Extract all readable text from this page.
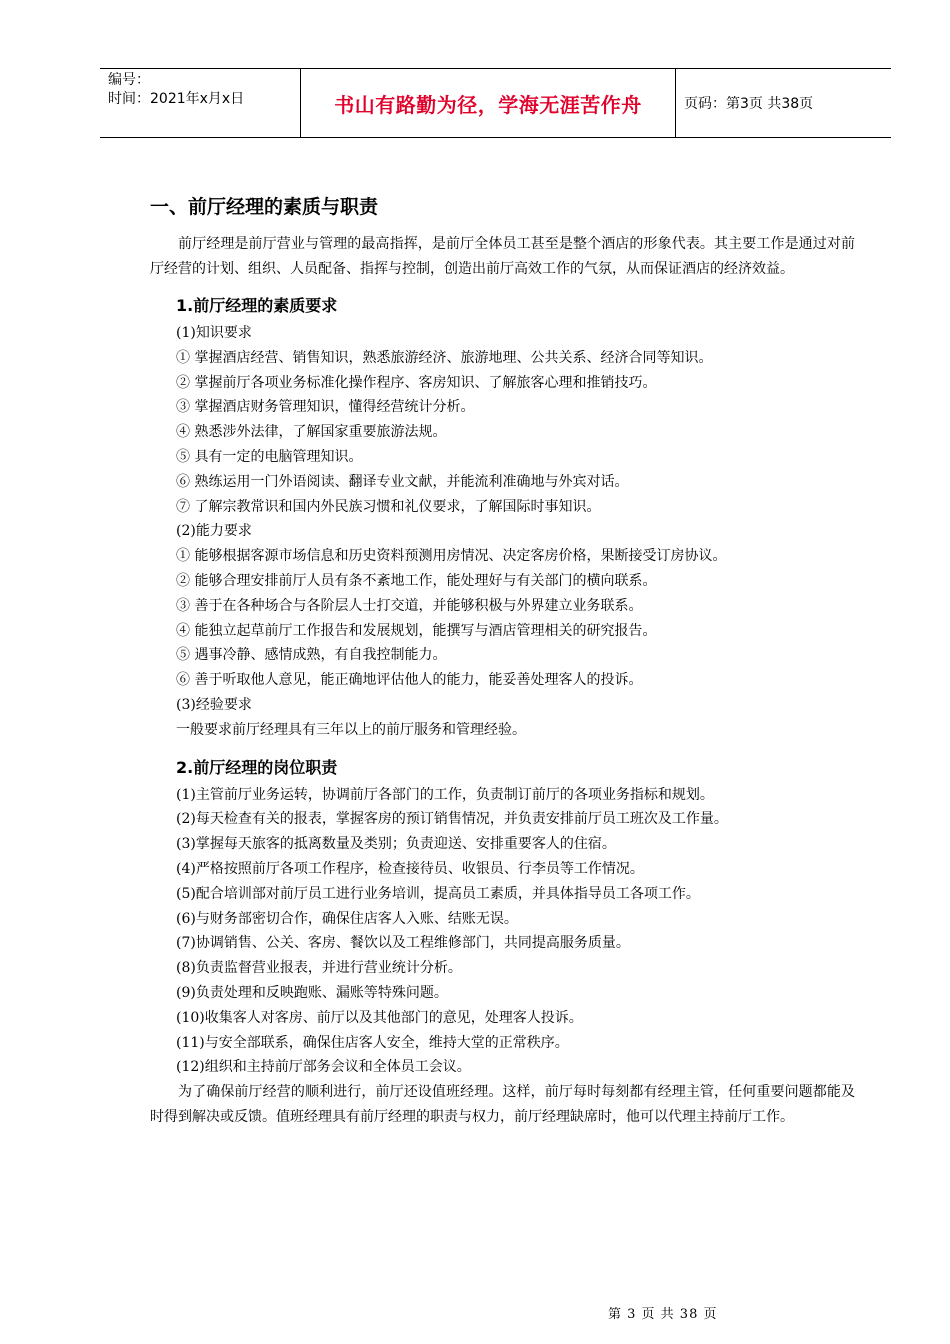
编号：
时间：2021年x月x日	书山有路勤为径，学海无涯苦作舟	页码：第3页 共38页
一、前厅经理的素质与职责

前厅经理是前厅营业与管理的最高指挥，是前厅全体员工甚至是整个酒店的形象代表。其主要工作是通过对前厅经营的计划、组织、人员配备、指挥与控制，创造出前厅高效工作的气氛，从而保证酒店的经济效益。

1.前厅经理的素质要求
(1)知识要求
① 掌握酒店经营、销售知识，熟悉旅游经济、旅游地理、公共关系、经济合同等知识。
② 掌握前厅各项业务标准化操作程序、客房知识、了解旅客心理和推销技巧。
③ 掌握酒店财务管理知识，懂得经营统计分析。
④ 熟悉涉外法律，了解国家重要旅游法规。
⑤ 具有一定的电脑管理知识。
⑥ 熟练运用一门外语阅读、翻译专业文献，并能流利准确地与外宾对话。
⑦ 了解宗教常识和国内外民族习惯和礼仪要求，了解国际时事知识。
(2)能力要求
① 能够根据客源市场信息和历史资料预测用房情况、决定客房价格，果断接受订房协议。
② 能够合理安排前厅人员有条不紊地工作，能处理好与有关部门的横向联系。
③ 善于在各种场合与各阶层人士打交道，并能够积极与外界建立业务联系。
④ 能独立起草前厅工作报告和发展规划，能撰写与酒店管理相关的研究报告。
⑤ 遇事冷静、感情成熟，有自我控制能力。
⑥ 善于听取他人意见，能正确地评估他人的能力，能妥善处理客人的投诉。
(3)经验要求
一般要求前厅经理具有三年以上的前厅服务和管理经验。
2.前厅经理的岗位职责
(1)主管前厅业务运转，协调前厅各部门的工作，负责制订前厅的各项业务指标和规划。
(2)每天检查有关的报表，掌握客房的预订销售情况，并负责安排前厅员工班次及工作量。
(3)掌握每天旅客的抵离数量及类别；负责迎送、安排重要客人的住宿。
(4)严格按照前厅各项工作程序，检查接待员、收银员、行李员等工作情况。
(5)配合培训部对前厅员工进行业务培训，提高员工素质，并具体指导员工各项工作。
(6)与财务部密切合作，确保住店客人入账、结账无误。
(7)协调销售、公关、客房、餐饮以及工程维修部门，共同提高服务质量。
(8)负责监督营业报表，并进行营业统计分析。
(9)负责处理和反映跑账、漏账等特殊问题。
(10)收集客人对客房、前厅以及其他部门的意见，处理客人投诉。
(11)与安全部联系，确保住店客人安全，维持大堂的正常秩序。
(12)组织和主持前厅部务会议和全体员工会议。

为了确保前厅经营的顺利进行，前厅还设值班经理。这样，前厅每时每刻都有经理主管，任何重要问题都能及时得到解决或反馈。值班经理具有前厅经理的职责与权力，前厅经理缺席时，他可以代理主持前厅工作。

第 3 页 共 38 页
